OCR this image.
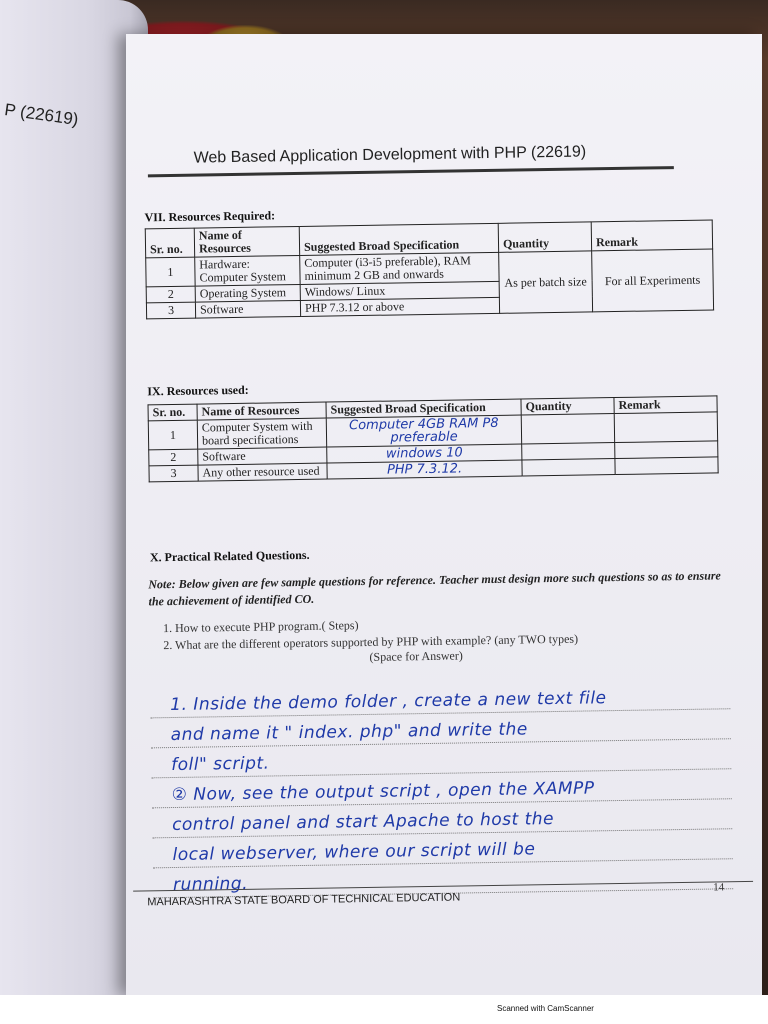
P (22619)
Web Based Application Development with PHP (22619)
VII. Resources Required:
Sr. no.	Name of Resources	Suggested Broad Specification	Quantity	Remark
1	Hardware: Computer System	Computer (i3-i5 preferable), RAM minimum 2 GB and onwards	As per batch size	For all Experiments
2	Operating System	Windows/ Linux		
3	Software	PHP 7.3.12 or above		
IX. Resources used:
Sr. no.	Name of Resources	Suggested Broad Specification	Quantity	Remark
1	Computer System with board specifications	Computer 4GB RAM P8 preferable		
2	Software	windows 10		
3	Any other resource used	PHP 7.3.12.		
X. Practical Related Questions.
Note: Below given are few sample questions for reference. Teacher must design more such questions so as to ensure the achievement of identified CO.
1. How to execute PHP program.( Steps)
2. What are the different operators supported by PHP with example? (any TWO types)
(Space for Answer)
1. Inside the demo folder , create a new text file
and name it " index. php" and write the
foll" script.
② Now, see the output script , open the XAMPP
control panel and start Apache to host the
local webserver, where our script will be
running.
MAHARASHTRA STATE BOARD OF TECHNICAL EDUCATION
14
Scanned with CamScanner
